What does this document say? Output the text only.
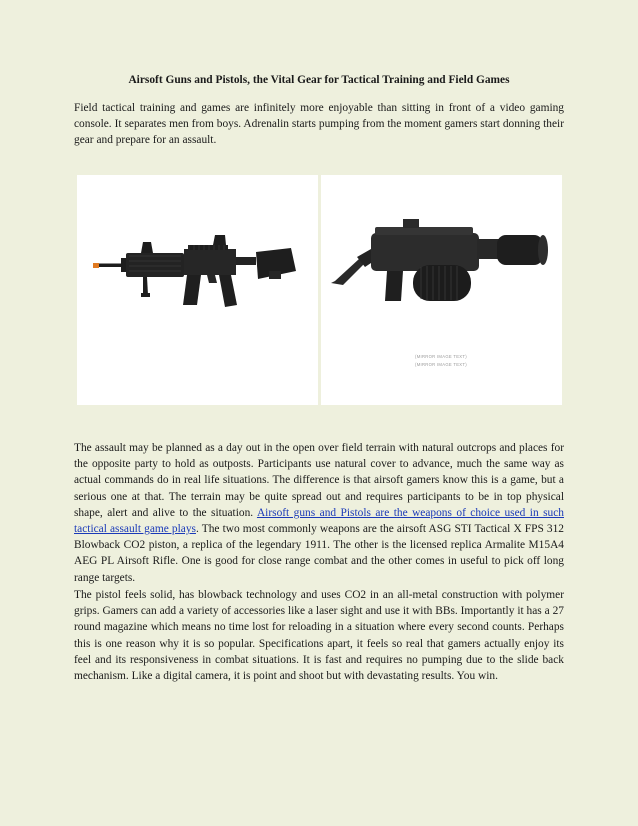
Airsoft Guns and Pistols, the Vital Gear for Tactical Training and Field Games

Field tactical training and games are infinitely more enjoyable than sitting in front of a video gaming console. It separates men from boys. Adrenalin starts pumping from the moment gamers start donning their gear and prepare for an assault.

(MIRROR IMAGE TEXT)
(MIRROR IMAGE TEXT)

The assault may be planned as a day out in the open over field terrain with natural outcrops and places for the opposite party to hold as outposts. Participants use natural cover to advance, much the same way as actual commands do in real life situations. The difference is that airsoft gamers know this is a game, but a serious one at that. The terrain may be quite spread out and requires participants to be in top physical shape, alert and alive to the situation. Airsoft guns and Pistols are the weapons of choice used in such tactical assault game plays. The two most commonly weapons are the airsoft ASG STI Tactical X FPS 312 Blowback CO2 piston, a replica of the legendary 1911. The other is the licensed replica Armalite M15A4 AEG PL Airsoft Rifle. One is good for close range combat and the other comes in useful to pick off long range targets.

The pistol feels solid, has blowback technology and uses CO2 in an all-metal construction with polymer grips. Gamers can add a variety of accessories like a laser sight and use it with BBs. Importantly it has a 27 round magazine which means no time lost for reloading in a situation where every second counts. Perhaps this is one reason why it is so popular. Specifications apart, it feels so real that gamers actually enjoy its feel and its responsiveness in combat situations. It is fast and requires no pumping due to the slide back mechanism. Like a digital camera, it is point and shoot but with devastating results. You win.
